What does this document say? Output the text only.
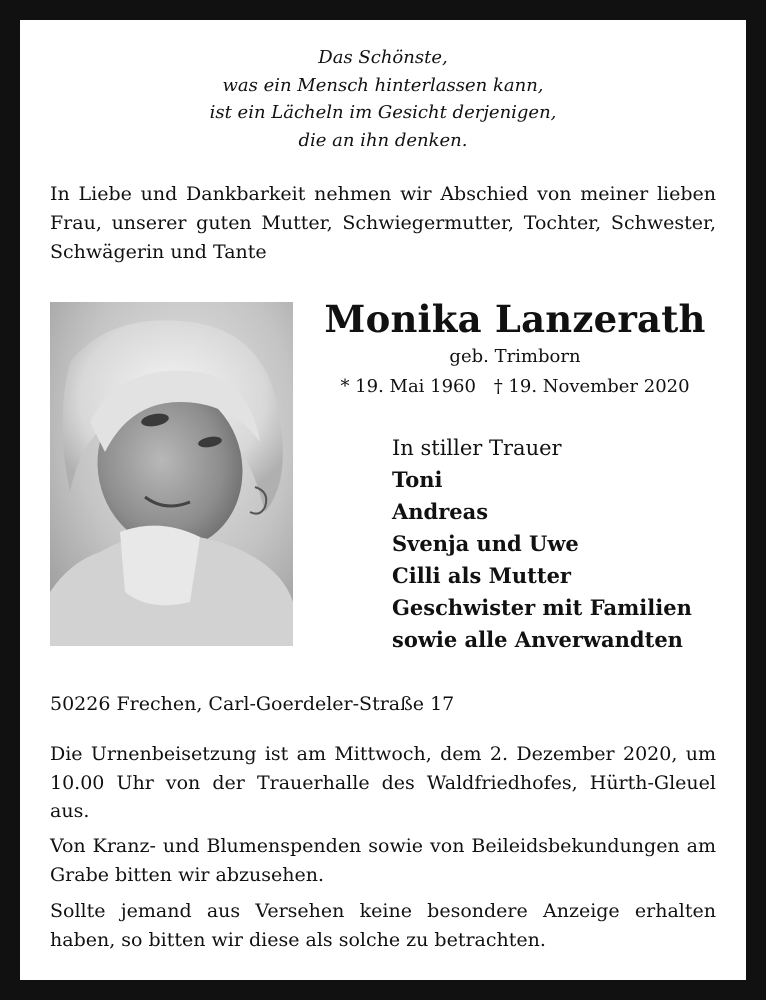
Das Schönste,
was ein Mensch hinterlassen kann,
ist ein Lächeln im Gesicht derjenigen,
die an ihn denken.
In Liebe und Dankbarkeit nehmen wir Abschied von meiner lieben Frau, unserer guten Mutter, Schwiegermutter, Tochter, Schwester, Schwägerin und Tante
Monika Lanzerath
geb. Trimborn
* 19. Mai 1960 † 19. November 2020
In stiller Trauer
Toni
Andreas
Svenja und Uwe
Cilli als Mutter
Geschwister mit Familien
sowie alle Anverwandten
50226 Frechen, Carl-Goerdeler-Straße 17
Die Urnenbeisetzung ist am Mittwoch, dem 2. Dezember 2020, um 10.00 Uhr von der Trauerhalle des Waldfriedhofes, Hürth-Gleuel aus.
Von Kranz- und Blumenspenden sowie von Beileidsbekundungen am Grabe bitten wir abzusehen.
Sollte jemand aus Versehen keine besondere Anzeige erhalten haben, so bitten wir diese als solche zu betrachten.
